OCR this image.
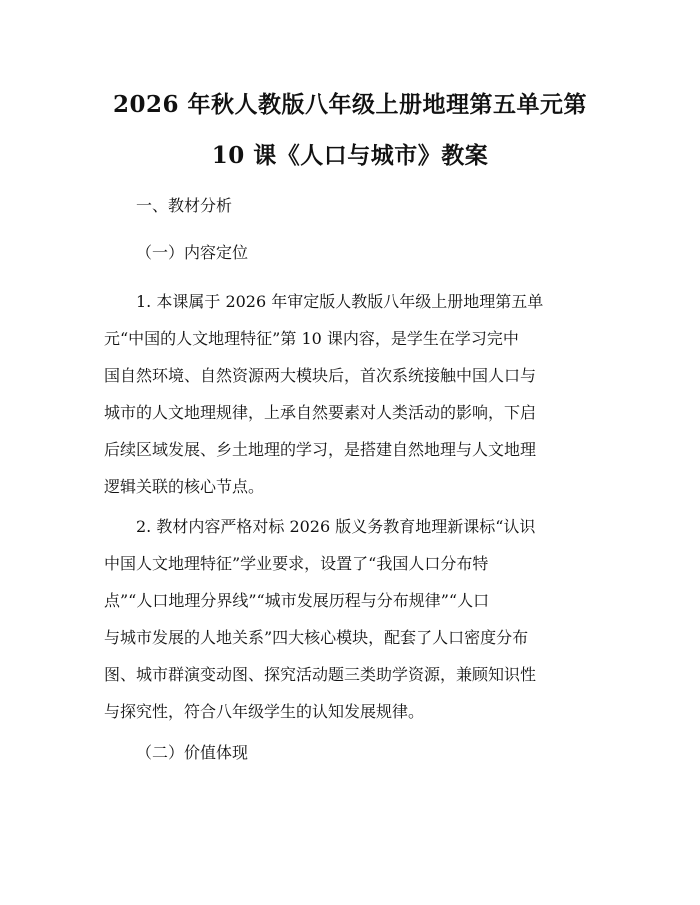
2026 年秋人教版八年级上册地理第五单元第
10 课《人口与城市》教案
一、教材分析
（一）内容定位
1. 本课属于 2026 年审定版人教版八年级上册地理第五单
元“中国的人文地理特征”第 10 课内容，是学生在学习完中
国自然环境、自然资源两大模块后，首次系统接触中国人口与
城市的人文地理规律，上承自然要素对人类活动的影响，下启
后续区域发展、乡土地理的学习，是搭建自然地理与人文地理
逻辑关联的核心节点。
2. 教材内容严格对标 2026 版义务教育地理新课标“认识
中国人文地理特征”学业要求，设置了“我国人口分布特
点”“人口地理分界线”“城市发展历程与分布规律”“人口
与城市发展的人地关系”四大核心模块，配套了人口密度分布
图、城市群演变动图、探究活动题三类助学资源，兼顾知识性
与探究性，符合八年级学生的认知发展规律。
（二）价值体现
